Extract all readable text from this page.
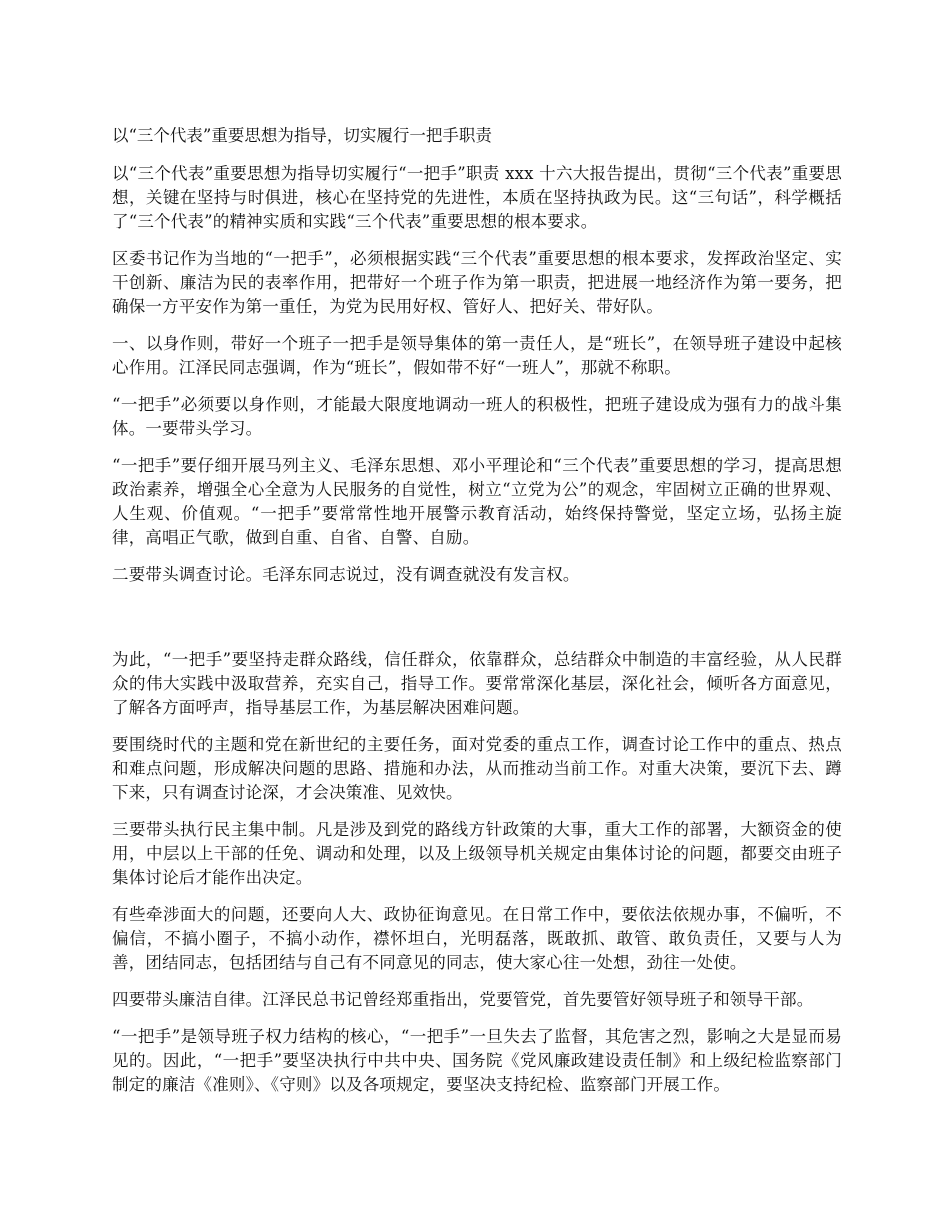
以“三个代表”重要思想为指导，切实履行一把手职责

以“三个代表”重要思想为指导切实履行“一把手”职责 xxx 十六大报告提出，贯彻“三个代表”重要思想，关键在坚持与时俱进，核心在坚持党的先进性，本质在坚持执政为民。这“三句话”，科学概括了“三个代表”的精神实质和实践“三个代表”重要思想的根本要求。

区委书记作为当地的“一把手”，必须根据实践“三个代表”重要思想的根本要求，发挥政治坚定、实干创新、廉洁为民的表率作用，把带好一个班子作为第一职责，把进展一地经济作为第一要务，把确保一方平安作为第一重任，为党为民用好权、管好人、把好关、带好队。

一、以身作则，带好一个班子一把手是领导集体的第一责任人，是“班长”，在领导班子建设中起核心作用。江泽民同志强调，作为“班长”，假如带不好“一班人”，那就不称职。

“一把手”必须要以身作则，才能最大限度地调动一班人的积极性，把班子建设成为强有力的战斗集体。一要带头学习。

“一把手”要仔细开展马列主义、毛泽东思想、邓小平理论和“三个代表”重要思想的学习，提高思想政治素养，增强全心全意为人民服务的自觉性，树立“立党为公”的观念，牢固树立正确的世界观、人生观、价值观。“一把手”要常常性地开展警示教育活动，始终保持警觉，坚定立场，弘扬主旋律，高唱正气歌，做到自重、自省、自警、自励。

二要带头调查讨论。毛泽东同志说过，没有调查就没有发言权。

为此，“一把手”要坚持走群众路线，信任群众，依靠群众，总结群众中制造的丰富经验，从人民群众的伟大实践中汲取营养，充实自己，指导工作。要常常深化基层，深化社会，倾听各方面意见，了解各方面呼声，指导基层工作，为基层解决困难问题。

要围绕时代的主题和党在新世纪的主要任务，面对党委的重点工作，调查讨论工作中的重点、热点和难点问题，形成解决问题的思路、措施和办法，从而推动当前工作。对重大决策，要沉下去、蹲下来，只有调查讨论深，才会决策准、见效快。

三要带头执行民主集中制。凡是涉及到党的路线方针政策的大事，重大工作的部署，大额资金的使用，中层以上干部的任免、调动和处理，以及上级领导机关规定由集体讨论的问题，都要交由班子集体讨论后才能作出决定。

有些牵涉面大的问题，还要向人大、政协征询意见。在日常工作中，要依法依规办事，不偏听，不偏信，不搞小圈子，不搞小动作，襟怀坦白，光明磊落，既敢抓、敢管、敢负责任，又要与人为善，团结同志，包括团结与自己有不同意见的同志，使大家心往一处想，劲往一处使。

四要带头廉洁自律。江泽民总书记曾经郑重指出，党要管党，首先要管好领导班子和领导干部。

“一把手”是领导班子权力结构的核心，“一把手”一旦失去了监督，其危害之烈，影响之大是显而易见的。因此，“一把手”要坚决执行中共中央、国务院《党风廉政建设责任制》和上级纪检监察部门制定的廉洁《准则》、《守则》以及各项规定，要坚决支持纪检、监察部门开展工作。
